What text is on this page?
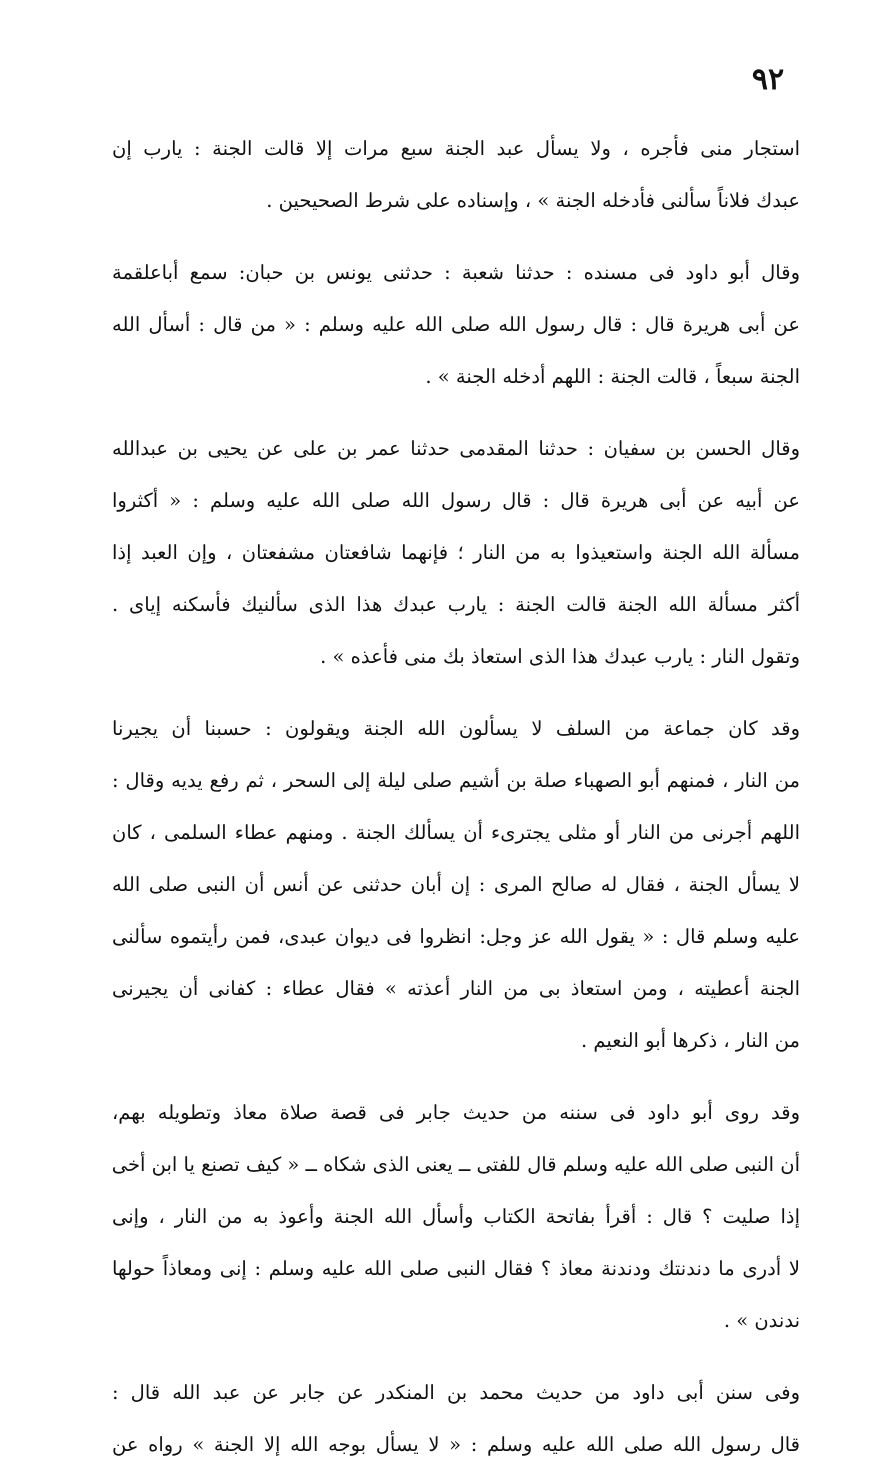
٩٢
استجار منى فأجره ، ولا يسأل عبد الجنة سبع مرات إلا قالت الجنة : يارب إن
عبدك فلاناً سألنى فأدخله الجنة » ، وإسناده على شرط الصحيحين .
وقال أبو داود فى مسنده : حدثنا شعبة : حدثنى يونس بن حبان: سمع أباعلقمة
عن أبى هريرة قال : قال رسول الله صلى الله عليه وسلم : « من قال : أسأل الله
الجنة سبعاً ، قالت الجنة : اللهم أدخله الجنة » .
وقال الحسن بن سفيان : حدثنا المقدمى حدثنا عمر بن على عن يحيى بن عبدالله
عن أبيه عن أبى هريرة قال : قال رسول الله صلى الله عليه وسلم : « أكثروا
مسألة الله الجنة واستعيذوا به من النار ؛ فإنهما شافعتان مشفعتان ، وإن العبد إذا
أكثر مسألة الله الجنة قالت الجنة : يارب عبدك هذا الذى سألنيك فأسكنه إياى .
وتقول النار : يارب عبدك هذا الذى استعاذ بك منى فأعذه » .
وقد كان جماعة من السلف لا يسألون الله الجنة ويقولون : حسبنا أن يجيرنا
من النار ، فمنهم أبو الصهباء صلة بن أشيم صلى ليلة إلى السحر ، ثم رفع يديه وقال :
اللهم أجرنى من النار أو مثلى يجترىء أن يسألك الجنة . ومنهم عطاء السلمى ، كان
لا يسأل الجنة ، فقال له صالح المرى : إن أبان حدثنى عن أنس أن النبى صلى الله
عليه وسلم قال : « يقول الله عز وجل: انظروا فى ديوان عبدى، فمن رأيتموه سألنى
الجنة أعطيته ، ومن استعاذ بى من النار أعذته » فقال عطاء : كفانى أن يجيرنى
من النار ، ذكرها أبو النعيم .
وقد روى أبو داود فى سننه من حديث جابر فى قصة صلاة معاذ وتطويله بهم،
أن النبى صلى الله عليه وسلم قال للفتى ــ يعنى الذى شكاه ــ « كيف تصنع يا ابن أخى
إذا صليت ؟ قال : أقرأ بفاتحة الكتاب وأسأل الله الجنة وأعوذ به من النار ، وإنى
لا أدرى ما دندنتك ودندنة معاذ ؟ فقال النبى صلى الله عليه وسلم : إنى ومعاذاً حولها
ندندن » .
وفى سنن أبى داود من حديث محمد بن المنكدر عن جابر عن عبد الله قال :
قال رسول الله صلى الله عليه وسلم : « لا يسأل بوجه الله إلا الجنة » رواه عن
